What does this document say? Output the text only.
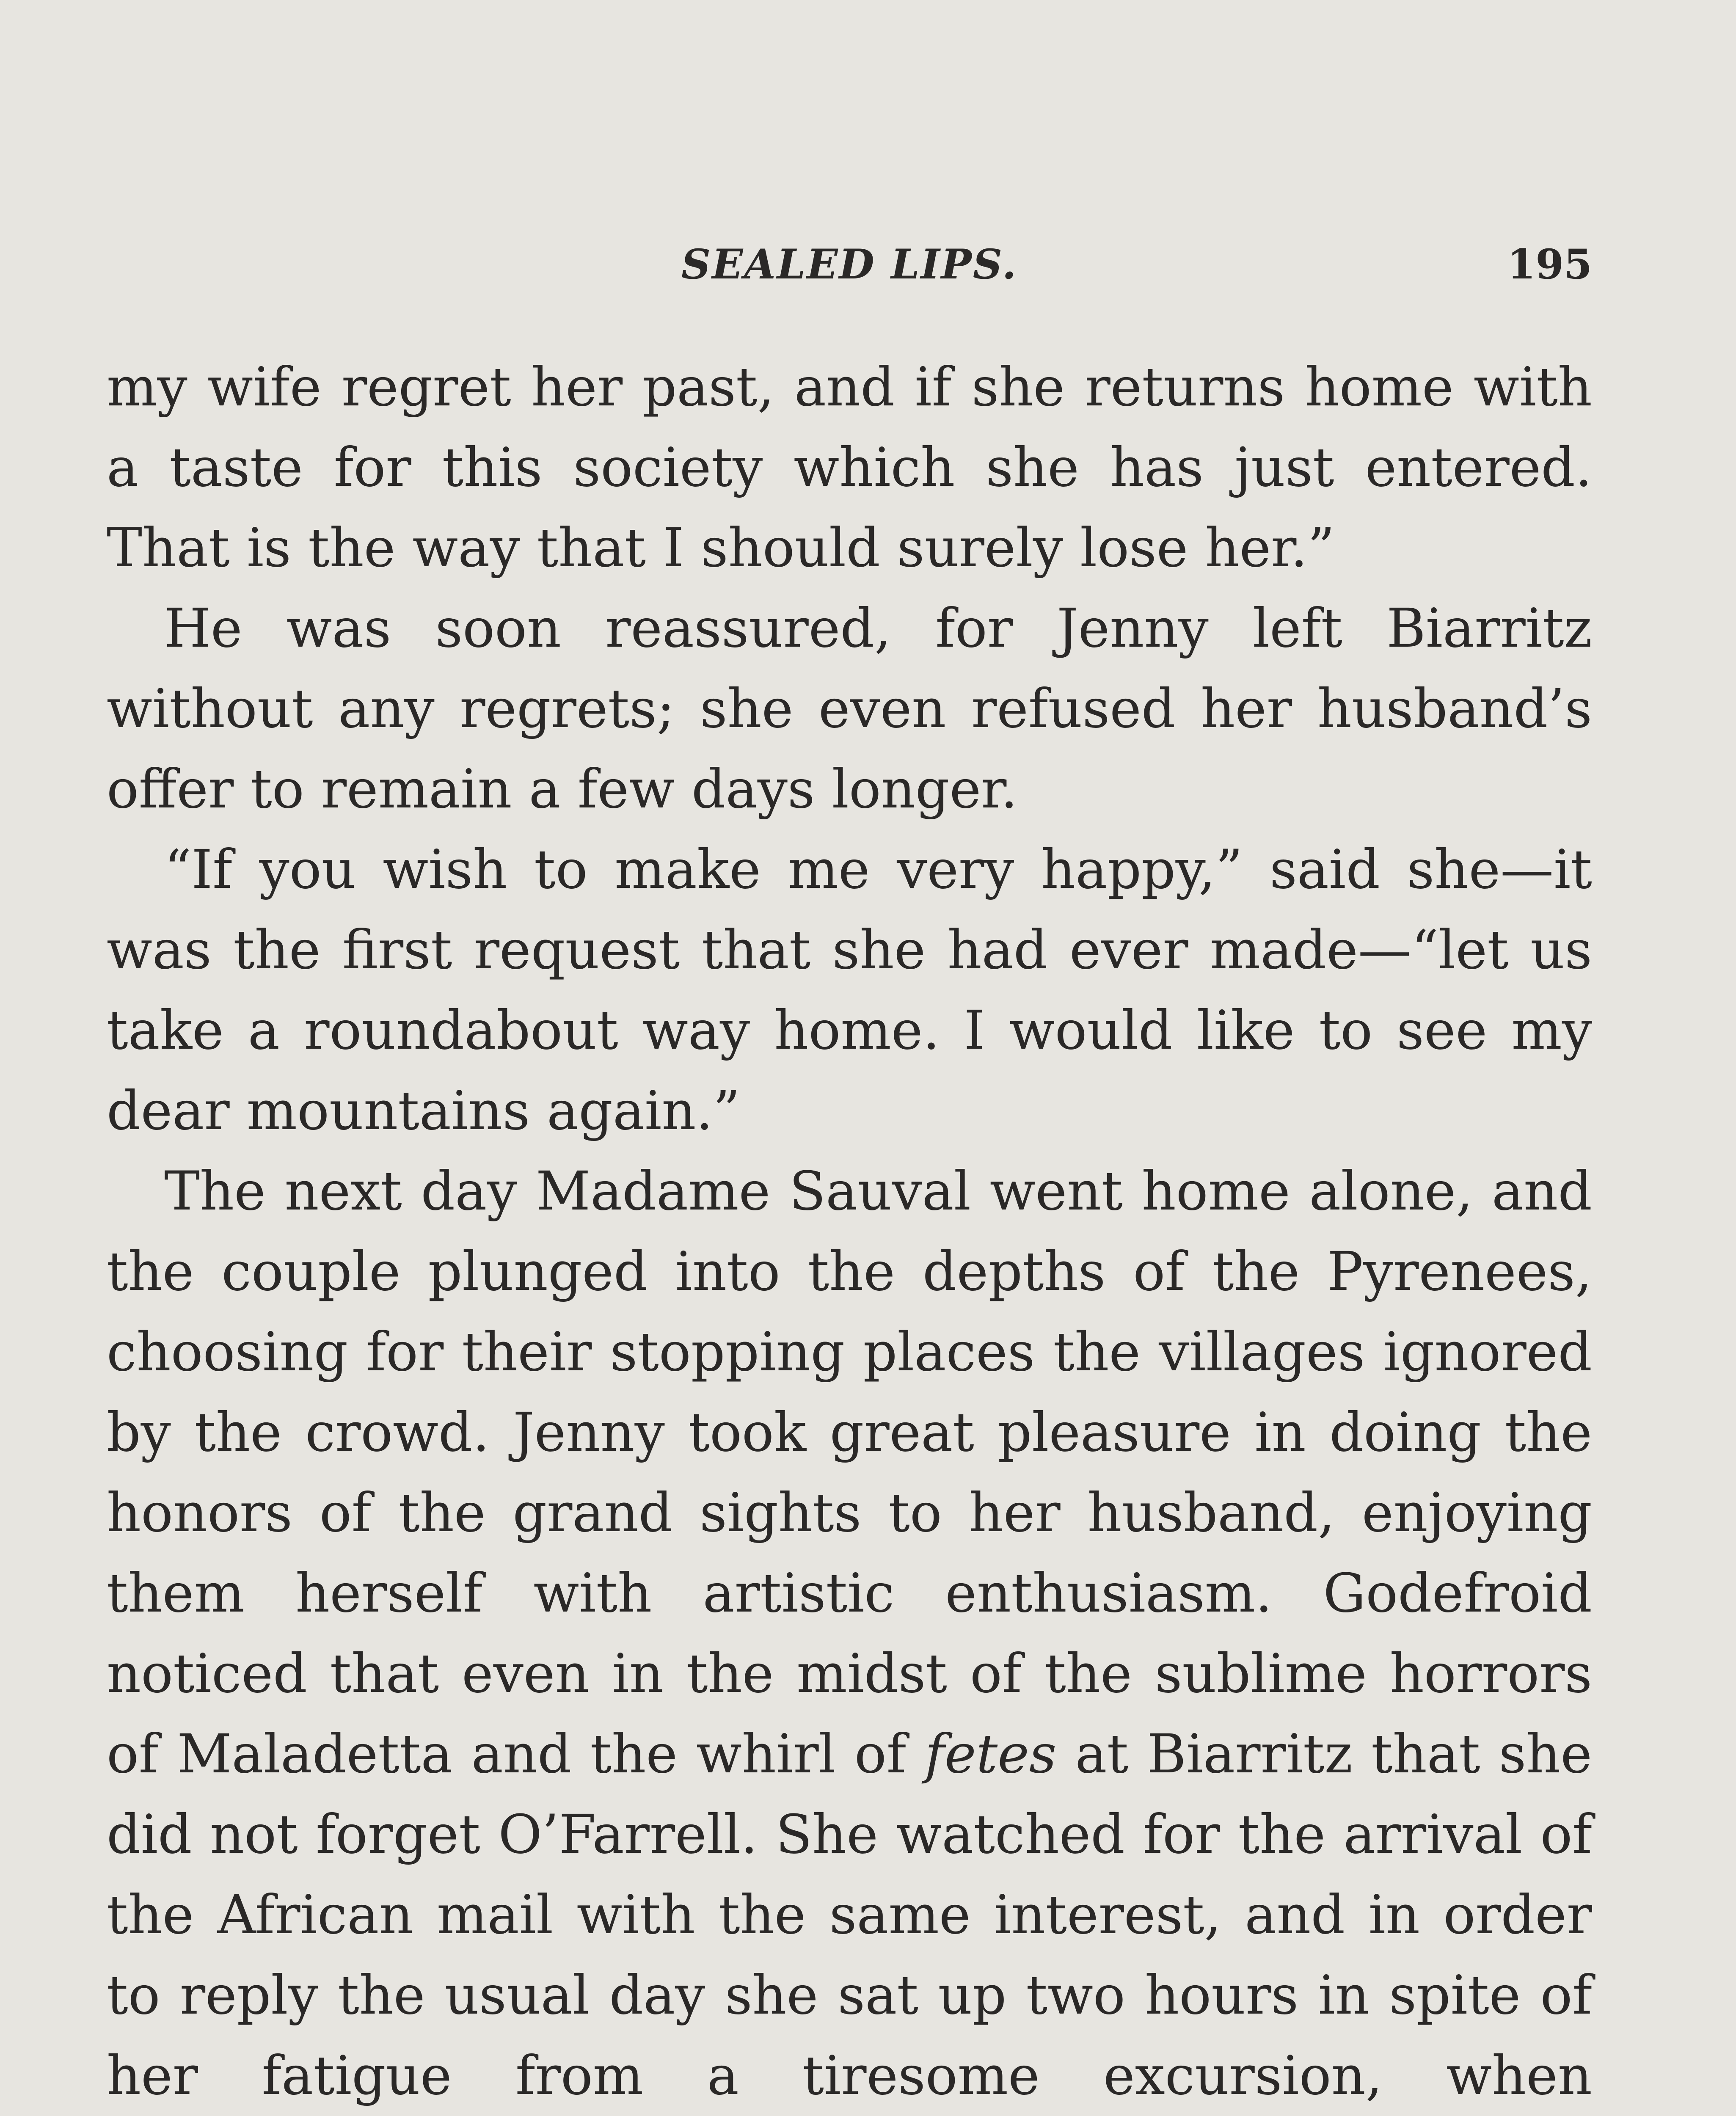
SEALED LIPS.	195

my wife regret her past, and if she returns home with a taste for this society which she has just entered. That is the way that I should surely lose her.”

He was soon reassured, for Jenny left Biarritz without any regrets; she even refused her husband’s offer to remain a few days longer.

“If you wish to make me very happy,” said she—it was the first request that she had ever made—“let us take a roundabout way home. I would like to see my dear mountains again.”

The next day Madame Sauval went home alone, and the couple plunged into the depths of the Pyrenees, choosing for their stopping places the villages ignored by the crowd. Jenny took great pleasure in doing the honors of the grand sights to her husband, enjoying them herself with artistic enthusiasm. Godefroid noticed that even in the midst of the sublime horrors of Maladetta and the whirl of fetes at Biarritz that she did not forget O’Farrell. She watched for the arrival of the African mail with the same interest, and in order to reply the usual day she sat up two hours in spite of her fatigue from a tiresome excursion, when
